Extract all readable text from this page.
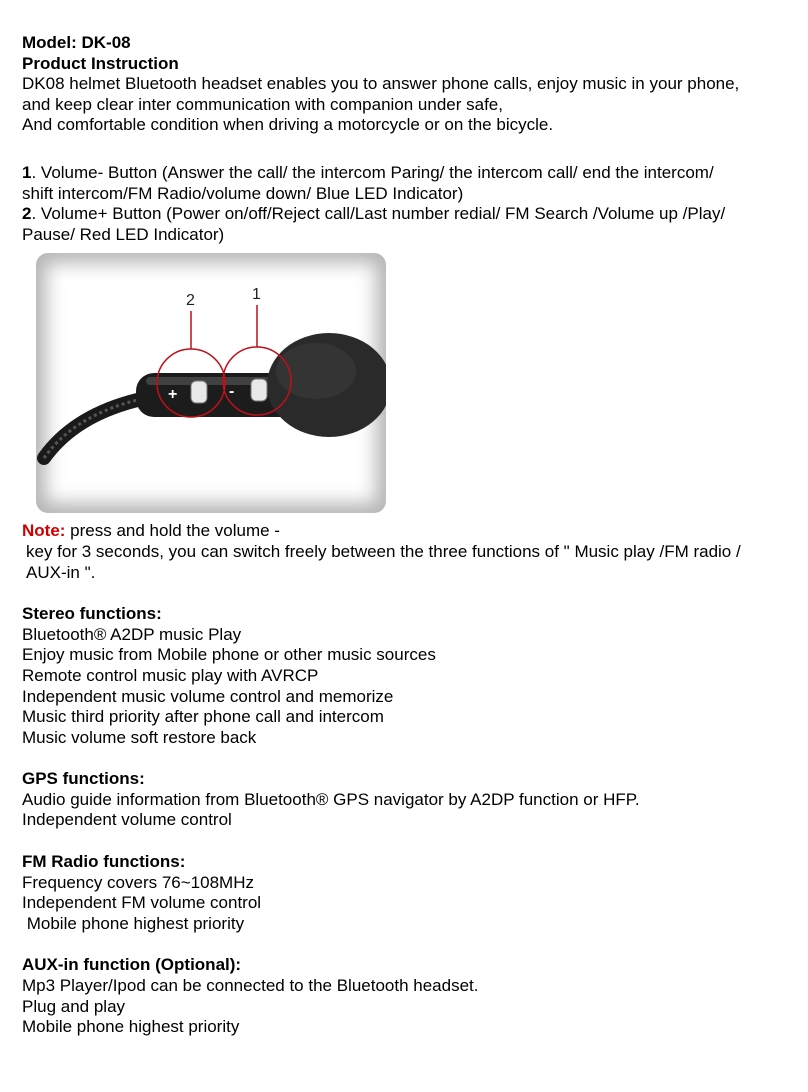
Model: DK-08

Product Instruction

DK08 helmet Bluetooth headset enables you to answer phone calls, enjoy music in your phone,

and keep clear inter communication with companion under safe,

And comfortable condition when driving a motorcycle or on the bicycle.

1. Volume- Button (Answer the call/ the intercom Paring/ the intercom call/ end the intercom/

shift intercom/FM Radio/volume down/ Blue LED Indicator)

2. Volume+ Button (Power on/off/Reject call/Last number redial/ FM Search /Volume up /Play/

Pause/ Red LED Indicator)

+	-
2	1

Note: press and hold the volume -

key for 3 seconds, you can switch freely between the three functions of " Music play /FM radio /

AUX-in ".

Stereo functions:

Bluetooth® A2DP music Play

Enjoy music from Mobile phone or other music sources

Remote control music play with AVRCP

Independent music volume control and memorize

Music third priority after phone call and intercom

Music volume soft restore back

GPS functions:

Audio guide information from Bluetooth® GPS navigator by A2DP function or HFP.

Independent volume control

FM Radio functions:

Frequency covers 76~108MHz

Independent FM volume control

Mobile phone highest priority

AUX-in function (Optional):

Mp3 Player/Ipod can be connected to the Bluetooth headset.

Plug and play

Mobile phone highest priority
